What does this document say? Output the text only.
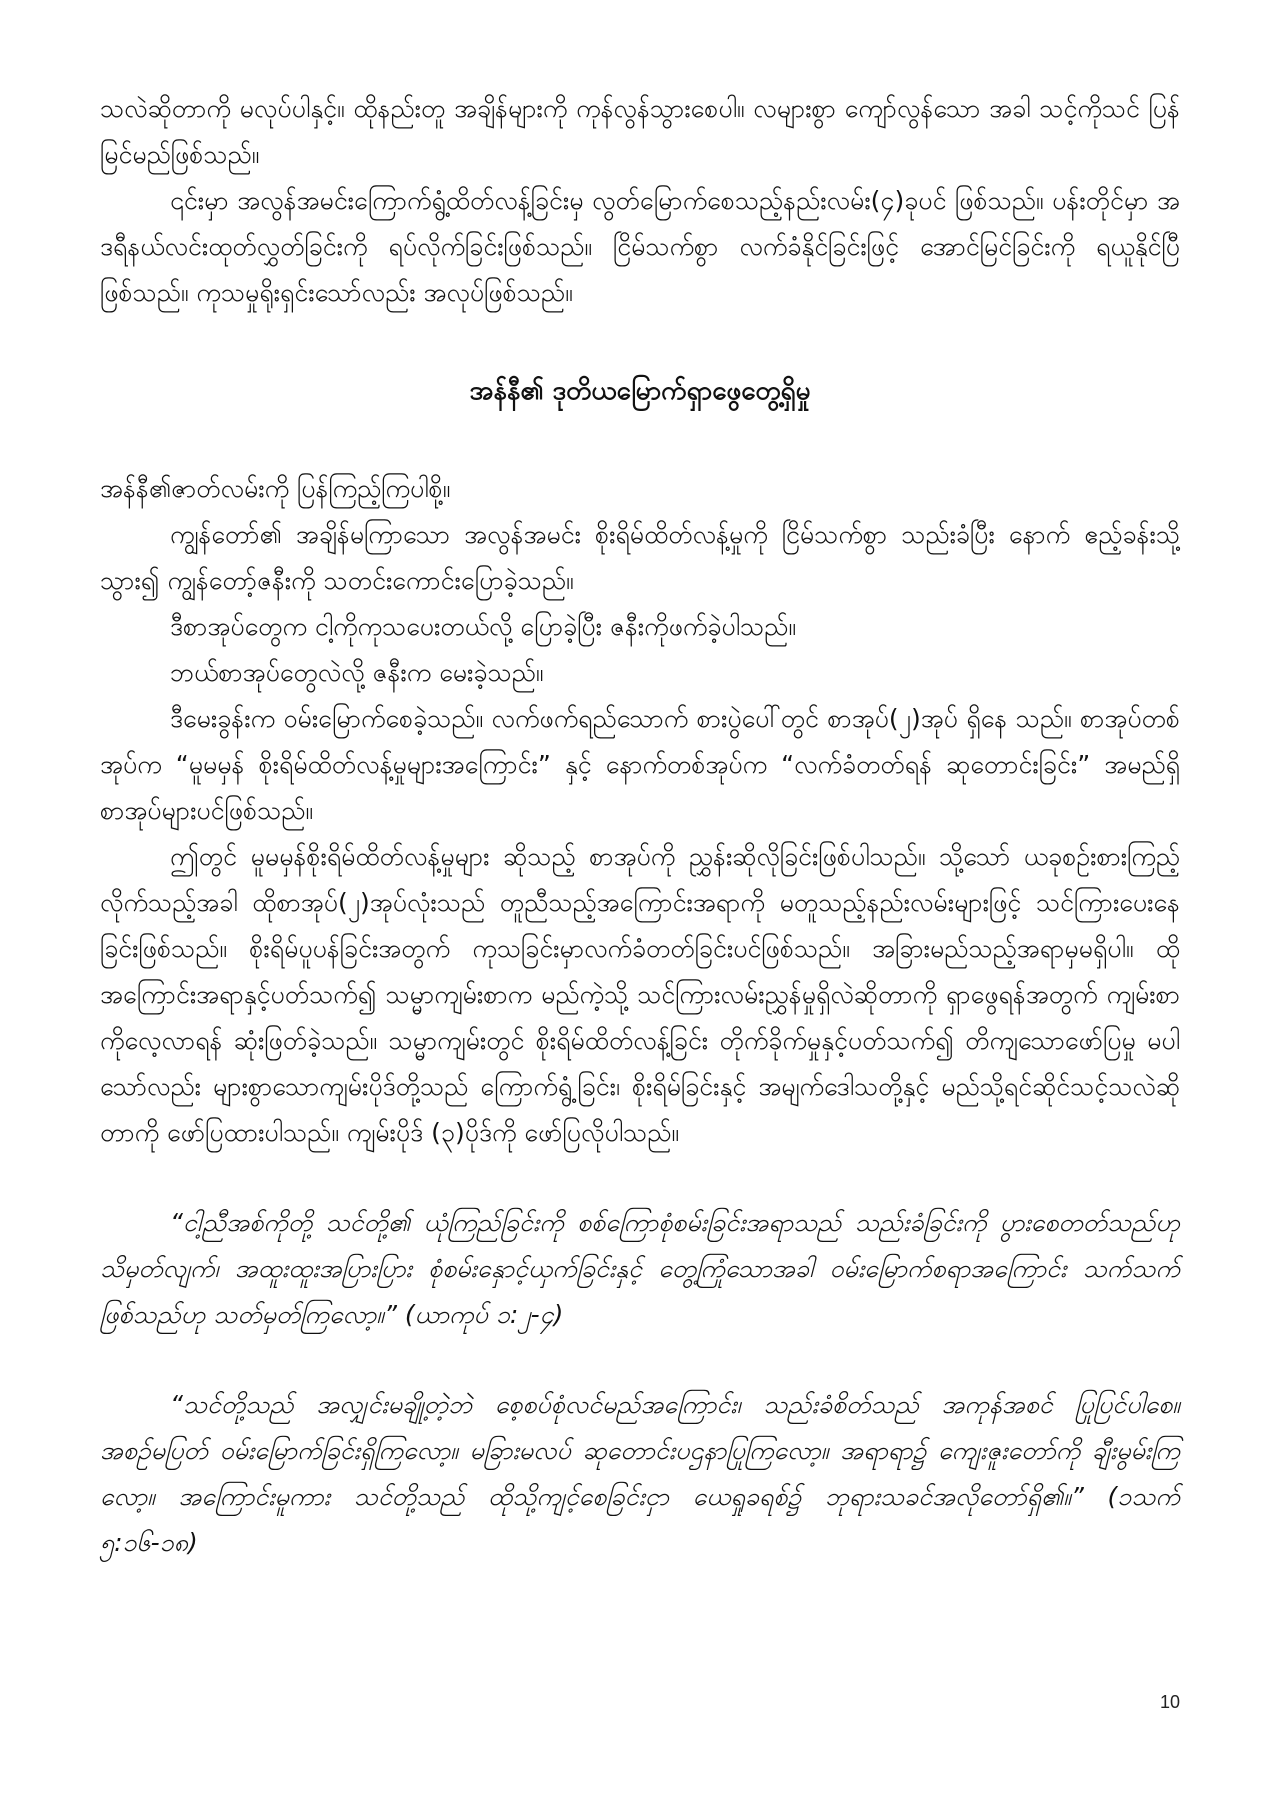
သလဲဆိုတာကို မလုပ်ပါနှင့်။ ထိုနည်းတူ အချိန်များကို ကုန်လွန်သွားစေပါ။ လများစွာ ကျော်လွန်သော အခါ သင့်ကိုသင် ပြန်မြင်မည်ဖြစ်သည်။

၎င်းမှာ အလွန်အမင်းကြောက်ရွံ့ထိတ်လန့်ခြင်းမှ လွတ်မြောက်စေသည့်နည်းလမ်း(၄)ခုပင် ဖြစ်သည်။ ပန်းတိုင်မှာ အဒရီနယ်လင်းထုတ်လွှတ်ခြင်းကို ရပ်လိုက်ခြင်းဖြစ်သည်။ ငြိမ်သက်စွာ လက်ခံနိုင်ခြင်းဖြင့် အောင်မြင်ခြင်းကို ရယူနိုင်ပြီဖြစ်သည်။ ကုသမှုရိုးရှင်းသော်လည်း အလုပ်ဖြစ်သည်။

အန်နီ၏ ဒုတိယမြောက်ရှာဖွေတွေ့ရှိမှု

အန်နီ၏ဇာတ်လမ်းကို ပြန်ကြည့်ကြပါစို့။

ကျွန်တော်၏ အချိန်မကြာသော အလွန်အမင်း စိုးရိမ်ထိတ်လန့်မှုကို ငြိမ်သက်စွာ သည်းခံပြီး နောက် ဧည့်ခန်းသို့သွား၍ ကျွန်တော့်ဇနီးကို သတင်းကောင်းပြောခဲ့သည်။

ဒီစာအုပ်တွေက ငါ့ကိုကုသပေးတယ်လို့ ပြောခဲ့ပြီး ဇနီးကိုဖက်ခဲ့ပါသည်။

ဘယ်စာအုပ်တွေလဲလို့ ဇနီးက မေးခဲ့သည်။

ဒီမေးခွန်းက ဝမ်းမြောက်စေခဲ့သည်။ လက်ဖက်ရည်သောက် စားပွဲပေါ်တွင် စာအုပ်(၂)အုပ် ရှိနေ သည်။ စာအုပ်တစ်အုပ်က “မူမမှန် စိုးရိမ်ထိတ်လန့်မှုများအကြောင်း” နှင့် နောက်တစ်အုပ်က “လက်ခံတတ်ရန် ဆုတောင်းခြင်း” အမည်ရှိ စာအုပ်များပင်ဖြစ်သည်။

ဤတွင် မူမမှန်စိုးရိမ်ထိတ်လန့်မှုများ ဆိုသည့် စာအုပ်ကို ညွှန်းဆိုလိုခြင်းဖြစ်ပါသည်။ သို့သော် ယခုစဉ်းစားကြည့်လိုက်သည့်အခါ ထိုစာအုပ်(၂)အုပ်လုံးသည် တူညီသည့်အကြောင်းအရာကို မတူသည့်နည်းလမ်းများဖြင့် သင်ကြားပေးနေခြင်းဖြစ်သည်။ စိုးရိမ်ပူပန်ခြင်းအတွက် ကုသခြင်းမှာလက်ခံတတ်ခြင်းပင်ဖြစ်သည်။ အခြားမည်သည့်အရာမှမရှိပါ။ ထိုအကြောင်းအရာနှင့်ပတ်သက်၍ သမ္မာကျမ်းစာက မည်ကဲ့သို့ သင်ကြားလမ်းညွှန်မှုရှိလဲဆိုတာကို ရှာဖွေရန်အတွက် ကျမ်းစာကိုလေ့လာရန် ဆုံးဖြတ်ခဲ့သည်။ သမ္မာကျမ်းတွင် စိုးရိမ်ထိတ်လန့်ခြင်း တိုက်ခိုက်မှုနှင့်ပတ်သက်၍ တိကျသောဖော်ပြမှု မပါသော်လည်း များစွာသောကျမ်းပိုဒ်တို့သည် ကြောက်ရွံ့ခြင်း၊ စိုးရိမ်ခြင်းနှင့် အမျက်ဒေါသတို့နှင့် မည်သို့ရင်ဆိုင်သင့်သလဲဆိုတာကို ဖော်ပြထားပါသည်။ ကျမ်းပိုဒ် (၃)ပိုဒ်ကို ဖော်ပြလိုပါသည်။

“ငါ့ညီအစ်ကိုတို့ သင်တို့၏ ယုံကြည်ခြင်းကို စစ်ကြောစုံစမ်းခြင်းအရာသည် သည်းခံခြင်းကို ပွားစေတတ်သည်ဟု သိမှတ်လျက်၊ အထူးထူးအပြားပြား စုံစမ်းနှောင့်ယှက်ခြင်းနှင့် တွေ့ကြုံသောအခါ ဝမ်းမြောက်စရာအကြောင်း သက်သက်ဖြစ်သည်ဟု သတ်မှတ်ကြလော့။” (ယာကုပ် ၁:၂-၄)

“သင်တို့သည် အလျှင်းမချို့တဲ့ဘဲ စေ့စပ်စုံလင်မည်အကြောင်း၊ သည်းခံစိတ်သည် အကုန်အစင် ပြုပြင်ပါစေ။ အစဉ်မပြတ် ဝမ်းမြောက်ခြင်းရှိကြလော့။ မခြားမလပ် ဆုတောင်းပဌနာပြုကြလော့။ အရာရာ၌ ကျေးဇူးတော်ကို ချီးမွမ်းကြလော့။ အကြောင်းမူကား သင်တို့သည် ထိုသို့ကျင့်စေခြင်းငှာ ယေရှုခရစ်၌ ဘုရားသခင်အလိုတော်ရှိ၏။” (၁သက် ၅:၁၆-၁၈)

10
